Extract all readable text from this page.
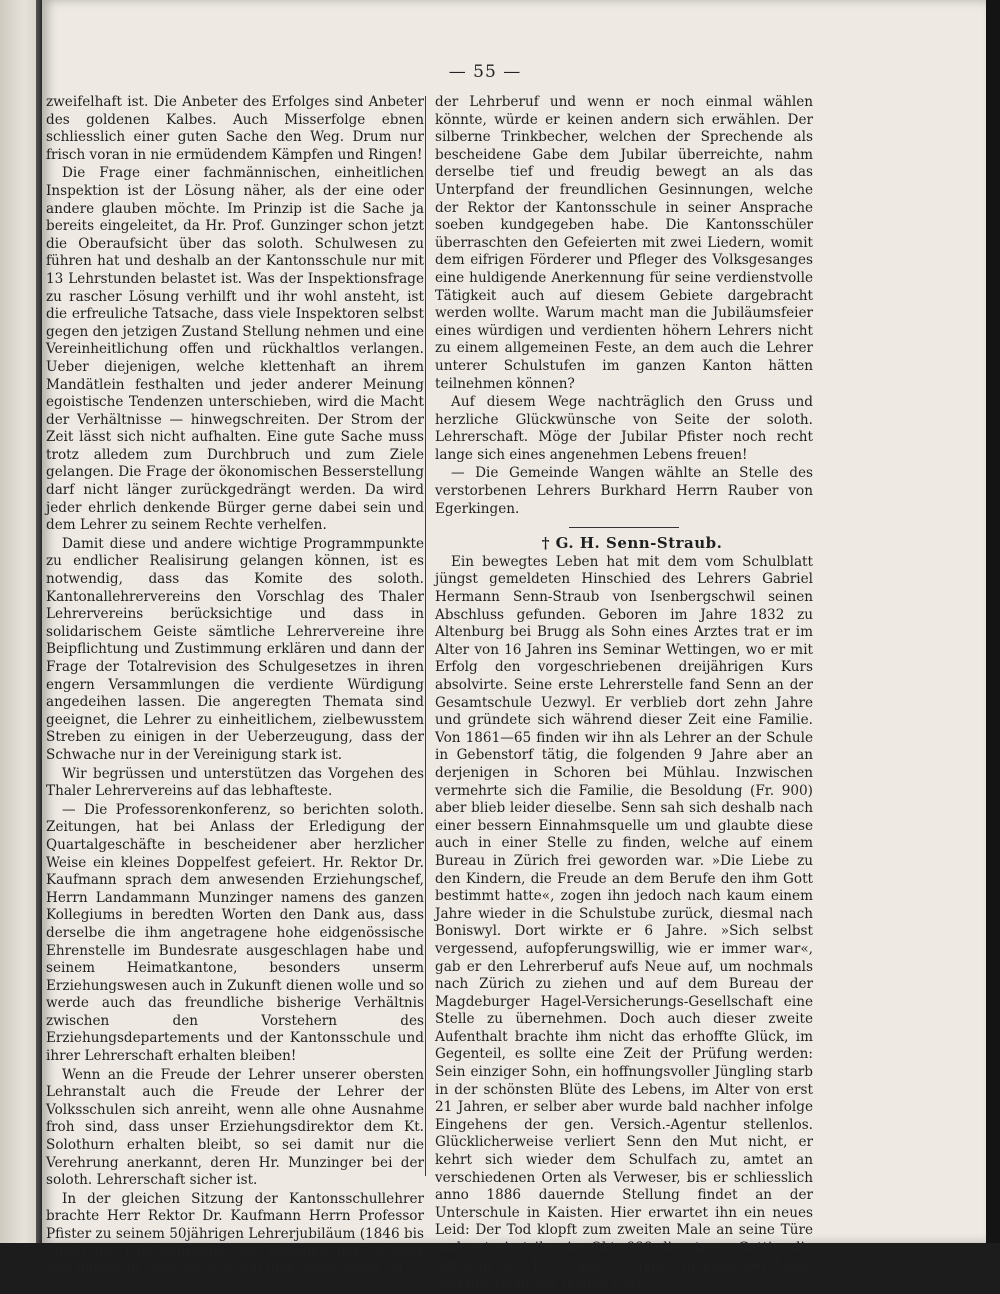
— 55 —

zweifelhaft ist. Die Anbeter des Erfolges sind Anbeter des goldenen Kalbes. Auch Misserfolge ebnen schliesslich einer guten Sache den Weg. Drum nur frisch voran in nie ermüdendem Kämpfen und Ringen!

Die Frage einer fachmännischen, einheitlichen Inspektion ist der Lösung näher, als der eine oder andere glauben möchte. Im Prinzip ist die Sache ja bereits eingeleitet, da Hr. Prof. Gunzinger schon jetzt die Oberaufsicht über das soloth. Schulwesen zu führen hat und deshalb an der Kantonsschule nur mit 13 Lehrstunden belastet ist. Was der Inspektionsfrage zu rascher Lösung verhilft und ihr wohl ansteht, ist die erfreuliche Tatsache, dass viele Inspektoren selbst gegen den jetzigen Zustand Stellung nehmen und eine Vereinheitlichung offen und rückhaltlos verlangen. Ueber diejenigen, welche klettenhaft an ihrem Mandätlein festhalten und jeder anderer Meinung egoistische Tendenzen unterschieben, wird die Macht der Verhältnisse — hinwegschreiten. Der Strom der Zeit lässt sich nicht aufhalten. Eine gute Sache muss trotz alledem zum Durchbruch und zum Ziele gelangen. Die Frage der ökonomischen Besserstellung darf nicht länger zurückgedrängt werden. Da wird jeder ehrlich denkende Bürger gerne dabei sein und dem Lehrer zu seinem Rechte verhelfen.

Damit diese und andere wichtige Programmpunkte zu endlicher Realisirung gelangen können, ist es notwendig, dass das Komite des soloth. Kantonallehrervereins den Vorschlag des Thaler Lehrervereins berücksichtige und dass in solidarischem Geiste sämtliche Lehrervereine ihre Beipflichtung und Zustimmung erklären und dann der Frage der Totalrevision des Schulgesetzes in ihren engern Versammlungen die verdiente Würdigung angedeihen lassen. Die angeregten Themata sind geeignet, die Lehrer zu einheitlichem, zielbewusstem Streben zu einigen in der Ueberzeugung, dass der Schwache nur in der Vereinigung stark ist.

Wir begrüssen und unterstützen das Vorgehen des Thaler Lehrervereins auf das lebhafteste.

— Die Professorenkonferenz, so berichten soloth. Zeitungen, hat bei Anlass der Erledigung der Quartalgeschäfte in bescheidener aber herzlicher Weise ein kleines Doppelfest gefeiert. Hr. Rektor Dr. Kaufmann sprach dem anwesenden Erziehungschef, Herrn Landammann Munzinger namens des ganzen Kollegiums in beredten Worten den Dank aus, dass derselbe die ihm angetragene hohe eidgenössische Ehrenstelle im Bundesrate ausgeschlagen habe und seinem Heimatkantone, besonders unserm Erziehungswesen auch in Zukunft dienen wolle und so werde auch das freundliche bisherige Verhältnis zwischen den Vorstehern des Erziehungsdepartements und der Kantonsschule und ihrer Lehrerschaft erhalten bleiben!

Wenn an die Freude der Lehrer unserer obersten Lehranstalt auch die Freude der Lehrer der Volksschulen sich anreiht, wenn alle ohne Ausnahme froh sind, dass unser Erziehungsdirektor dem Kt. Solothurn erhalten bleibt, so sei damit nur die Verehrung anerkannt, deren Hr. Munzinger bei der soloth. Lehrerschaft sicher ist.

In der gleichen Sitzung der Kantonsschullehrer brachte Herr Rektor Dr. Kaufmann Herrn Professor Pfister zu seinem 50jährigen Lehrerjubiläum (1846 bis 1896) die Glückwünsche der Kollegen dar; schwer und mühevoll, aber auch schön und segensreich sei

der Lehrberuf und wenn er noch einmal wählen könnte, würde er keinen andern sich erwählen. Der silberne Trinkbecher, welchen der Sprechende als bescheidene Gabe dem Jubilar überreichte, nahm derselbe tief und freudig bewegt an als das Unterpfand der freundlichen Gesinnungen, welche der Rektor der Kantonsschule in seiner Ansprache soeben kundgegeben habe. Die Kantonsschüler überraschten den Gefeierten mit zwei Liedern, womit dem eifrigen Förderer und Pfleger des Volksgesanges eine huldigende Anerkennung für seine verdienstvolle Tätigkeit auch auf diesem Gebiete dargebracht werden wollte. Warum macht man die Jubiläumsfeier eines würdigen und verdienten höhern Lehrers nicht zu einem allgemeinen Feste, an dem auch die Lehrer unterer Schulstufen im ganzen Kanton hätten teilnehmen können?

Auf diesem Wege nachträglich den Gruss und herzliche Glückwünsche von Seite der soloth. Lehrerschaft. Möge der Jubilar Pfister noch recht lange sich eines angenehmen Lebens freuen!

— Die Gemeinde Wangen wählte an Stelle des verstorbenen Lehrers Burkhard Herrn Rauber von Egerkingen.

† G. H. Senn-Straub.

Ein bewegtes Leben hat mit dem vom Schulblatt jüngst gemeldeten Hinschied des Lehrers Gabriel Hermann Senn-Straub von Isenbergschwil seinen Abschluss gefunden. Geboren im Jahre 1832 zu Altenburg bei Brugg als Sohn eines Arztes trat er im Alter von 16 Jahren ins Seminar Wettingen, wo er mit Erfolg den vorgeschriebenen dreijährigen Kurs absolvirte. Seine erste Lehrerstelle fand Senn an der Gesamtschule Uezwyl. Er verblieb dort zehn Jahre und gründete sich während dieser Zeit eine Familie. Von 1861—65 finden wir ihn als Lehrer an der Schule in Gebenstorf tätig, die folgenden 9 Jahre aber an derjenigen in Schoren bei Mühlau. Inzwischen vermehrte sich die Familie, die Besoldung (Fr. 900) aber blieb leider dieselbe. Senn sah sich deshalb nach einer bessern Einnahmsquelle um und glaubte diese auch in einer Stelle zu finden, welche auf einem Bureau in Zürich frei geworden war. »Die Liebe zu den Kindern, die Freude an dem Berufe den ihm Gott bestimmt hatte«, zogen ihn jedoch nach kaum einem Jahre wieder in die Schulstube zurück, diesmal nach Boniswyl. Dort wirkte er 6 Jahre. »Sich selbst vergessend, aufopferungswillig, wie er immer war«, gab er den Lehrerberuf aufs Neue auf, um nochmals nach Zürich zu ziehen und auf dem Bureau der Magdeburger Hagel-Versicherungs-Gesellschaft eine Stelle zu übernehmen. Doch auch dieser zweite Aufenthalt brachte ihm nicht das erhoffte Glück, im Gegenteil, es sollte eine Zeit der Prüfung werden: Sein einziger Sohn, ein hoffnungsvoller Jüngling starb in der schönsten Blüte des Lebens, im Alter von erst 21 Jahren, er selber aber wurde bald nachher infolge Eingehens der gen. Versich.-Agentur stellenlos. Glücklicherweise verliert Senn den Mut nicht, er kehrt sich wieder dem Schulfach zu, amtet an verschiedenen Orten als Verweser, bis er schliesslich anno 1886 dauernde Stellung findet an der Unterschule in Kaisten. Hier erwartet ihn ein neues Leid: Der Tod klopft zum zweiten Male an seine Türe und entreisst ihm im Okt. 888 die »treue Gattin, die mit ihm seit 1859, also 29 Jahre in ehelicher Liebe und Eintracht mit festem Gott-
